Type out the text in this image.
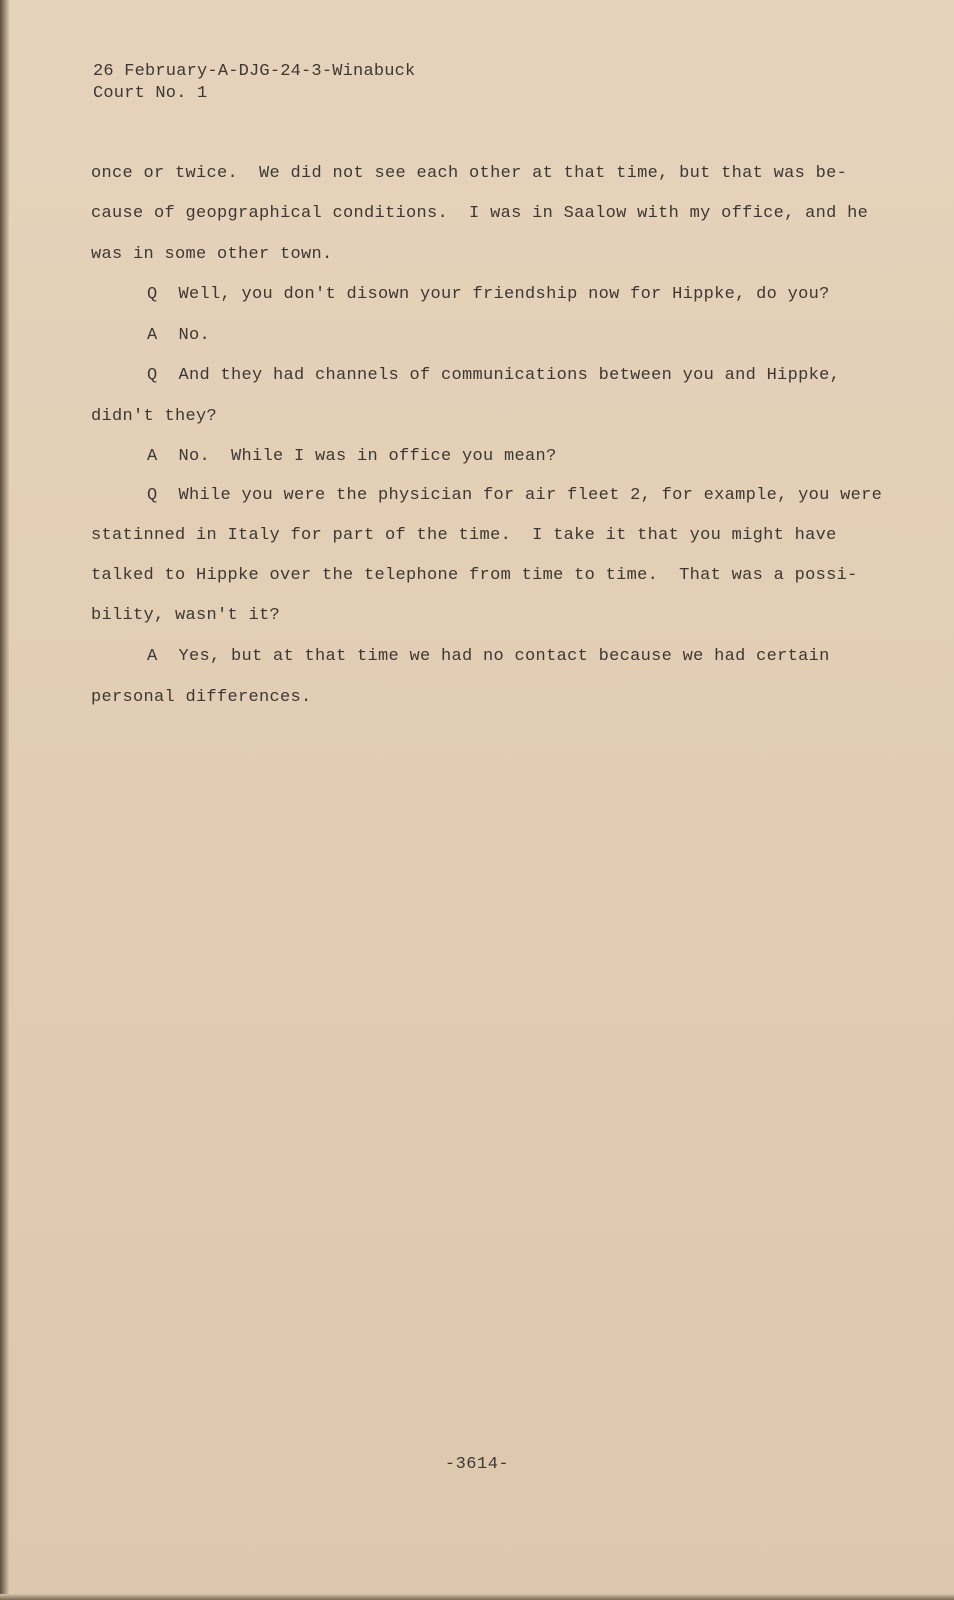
26 February-A-DJG-24-3-Winabuck
Court No. 1
once or twice.  We did not see each other at that time, but that was be-
cause of geopgraphical conditions.  I was in Saalow with my office, and he
was in some other town.
Q  Well, you don't disown your friendship now for Hippke, do you?
A  No.
Q  And they had channels of communications between you and Hippke,
didn't they?
A  No.  While I was in office you mean?
Q  While you were the physician for air fleet 2, for example, you were
statinned in Italy for part of the time.  I take it that you might have
talked to Hippke over the telephone from time to time.  That was a possi-
bility, wasn't it?
A  Yes, but at that time we had no contact because we had certain
personal differences.
-3614-
